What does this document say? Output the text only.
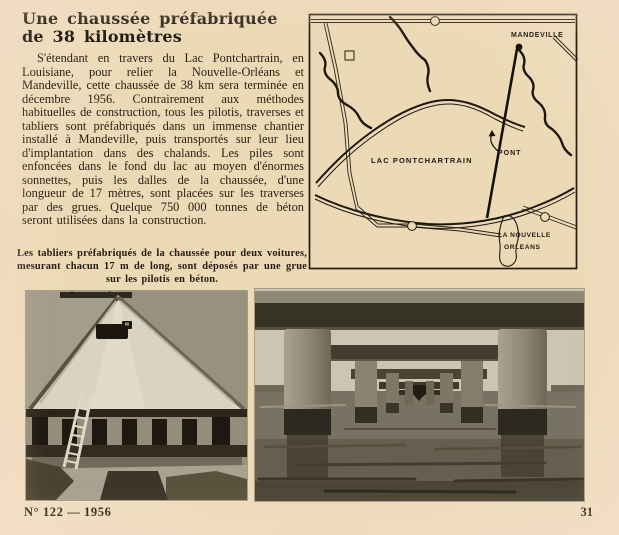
Une chaussée préfabriquée
de 38 kilomètres

S'étendant en travers du Lac Pontchartrain, en Louisiane, pour relier la Nouvelle-Orléans et Mandeville, cette chaussée de 38 km sera terminée en décembre 1956. Contrairement aux méthodes habituelles de construction, tous les pilotis, traverses et tabliers sont préfabriqués dans un immense chantier installé à Mandeville, puis transportés sur leur lieu d'implantation dans des chalands. Les piles sont enfoncées dans le fond du lac au moyen d'énormes sonnettes, puis les dalles de la chaussée, d'une longueur de 17 mètres, sont placées sur les traverses par des grues. Quelque 750 000 tonnes de béton seront utilisées dans la construction.

Les tabliers préfabriqués de la chaussée pour deux voitures, mesurant chacun 17 m de long, sont déposés par une grue sur les pilotis en béton.
MANDEVILLE
LAC PONTCHARTRAIN
PONT
LA NOUVELLE
ORLEANS
N° 122 — 1956	31
